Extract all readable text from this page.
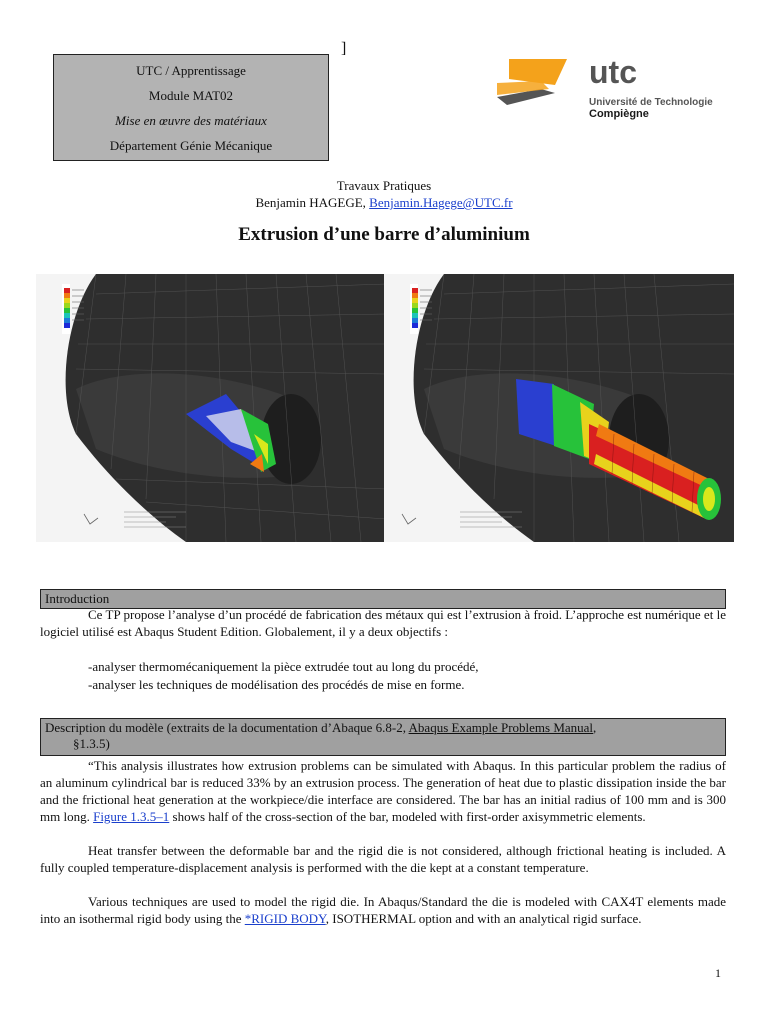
]
UTC / Apprentissage
Module MAT02
Mise en œuvre des matériaux
Département Génie Mécanique
utc
Université de Technologie
Compiègne
Travaux Pratiques
Benjamin HAGEGE, Benjamin.Hagege@UTC.fr
Extrusion d’une barre d’aluminium
Introduction
Ce TP propose l’analyse d’un procédé de fabrication des métaux qui est l’extrusion à froid. L’approche est numérique et le logiciel utilisé est Abaqus Student Edition. Globalement, il y a deux objectifs :
-analyser thermomécaniquement la pièce extrudée tout au long du procédé,
-analyser les techniques de modélisation des procédés de mise en forme.
Description du modèle (extraits de la documentation d’Abaque 6.8-2, Abaqus Example Problems Manual,
§1.3.5)
“This analysis illustrates how extrusion problems can be simulated with Abaqus. In this particular problem the radius of an aluminum cylindrical bar is reduced 33% by an extrusion process. The generation of heat due to plastic dissipation inside the bar and the frictional heat generation at the workpiece/die interface are considered. The bar has an initial radius of 100 mm and is 300 mm long. Figure 1.3.5–1 shows half of the cross-section of the bar, modeled with first-order axisymmetric elements.
Heat transfer between the deformable bar and the rigid die is not considered, although frictional heating is included. A fully coupled temperature-displacement analysis is performed with the die kept at a constant temperature.
Various techniques are used to model the rigid die. In Abaqus/Standard the die is modeled with CAX4T elements made into an isothermal rigid body using the *RIGID BODY, ISOTHERMAL option and with an analytical rigid surface.
1
